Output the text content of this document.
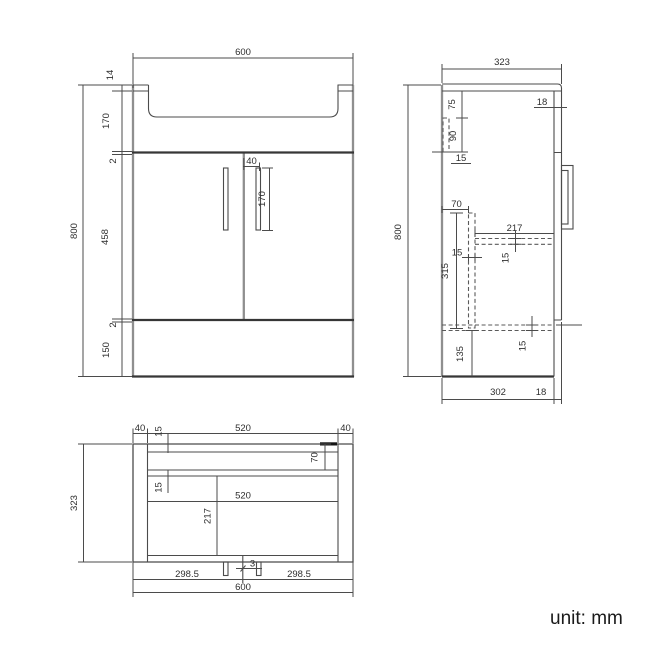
600
800
14
170
2
458
2
150
40
170
323
800
75
90
15
18
70
217
15
15
315
15
135
302	18
40 15	520	40
323
70
15
520
217
3
298.5	298.5
600
unit: mm
